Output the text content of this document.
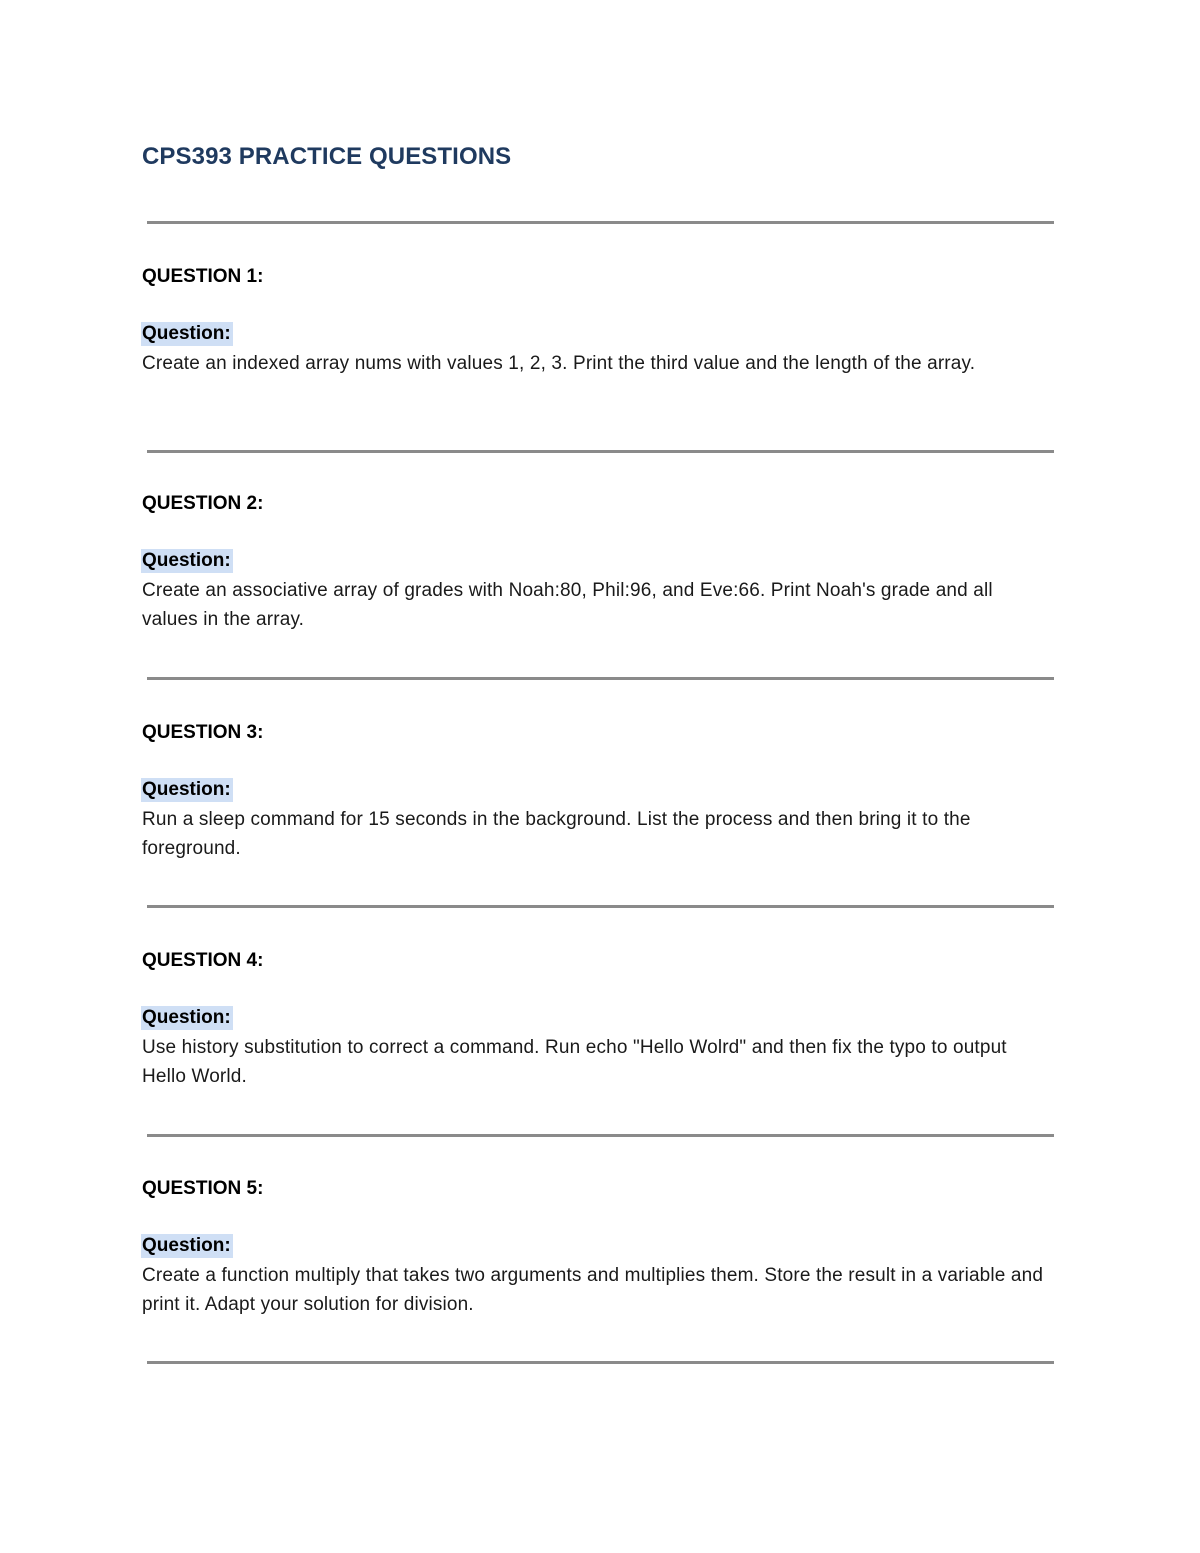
CPS393 PRACTICE QUESTIONS
QUESTION 1:
Question:

Create an indexed array nums with values 1, 2, 3. Print the third value and the length of the array.

QUESTION 2:
Question:

Create an associative array of grades with Noah:80, Phil:96, and Eve:66. Print Noah's grade and all values in the array.

QUESTION 3:
Question:

Run a sleep command for 15 seconds in the background. List the process and then bring it to the foreground.

QUESTION 4:
Question:

Use history substitution to correct a command. Run echo "Hello Wolrd" and then fix the typo to output Hello World.

QUESTION 5:
Question:

Create a function multiply that takes two arguments and multiplies them. Store the result in a variable and print it. Adapt your solution for division.
